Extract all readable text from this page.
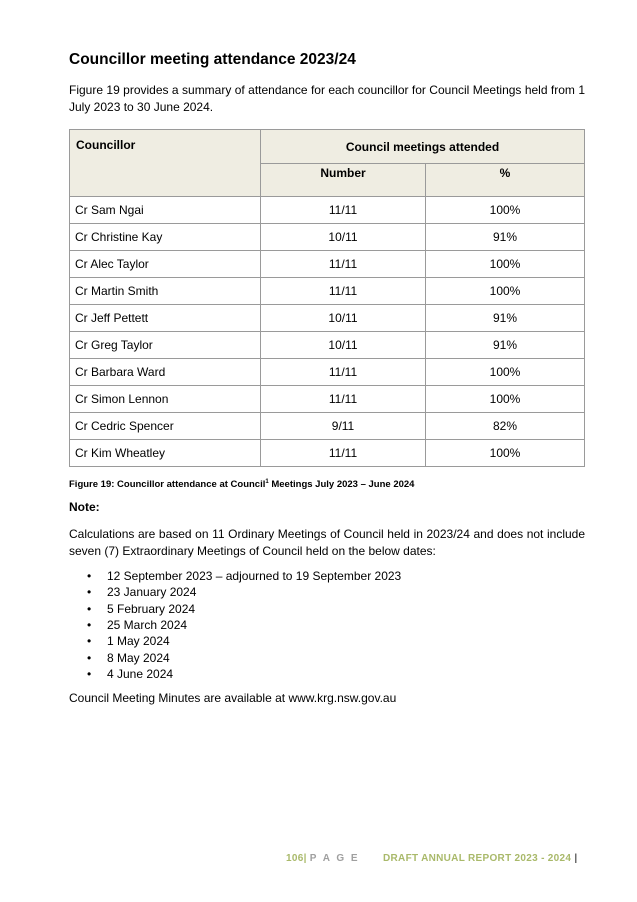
Councillor meeting attendance 2023/24

Figure 19 provides a summary of attendance for each councillor for Council Meetings held from 1 July 2023 to 30 June 2024.

Councillor	Council meetings attended	
	Number	%
Cr Sam Ngai	11/11	100%
Cr Christine Kay	10/11	91%
Cr Alec Taylor	11/11	100%
Cr Martin Smith	11/11	100%
Cr Jeff Pettett	10/11	91%
Cr Greg Taylor	10/11	91%
Cr Barbara Ward	11/11	100%
Cr Simon Lennon	11/11	100%
Cr Cedric Spencer	9/11	82%
Cr Kim Wheatley	11/11	100%
Figure 19: Councillor attendance at Council$^1$ Meetings July 2023 – June 2024
Note:

Calculations are based on 11 Ordinary Meetings of Council held in 2023/24 and does not include seven (7) Extraordinary Meetings of Council held on the below dates:

• 12 September 2023 – adjourned to 19 September 2023
• 23 January 2024
• 5 February 2024
• 25 March 2024
• 1 May 2024
• 8 May 2024
• 4 June 2024

Council Meeting Minutes are available at www.krg.nsw.gov.au

106| P A G E DRAFT ANNUAL REPORT 2023 - 2024 |
